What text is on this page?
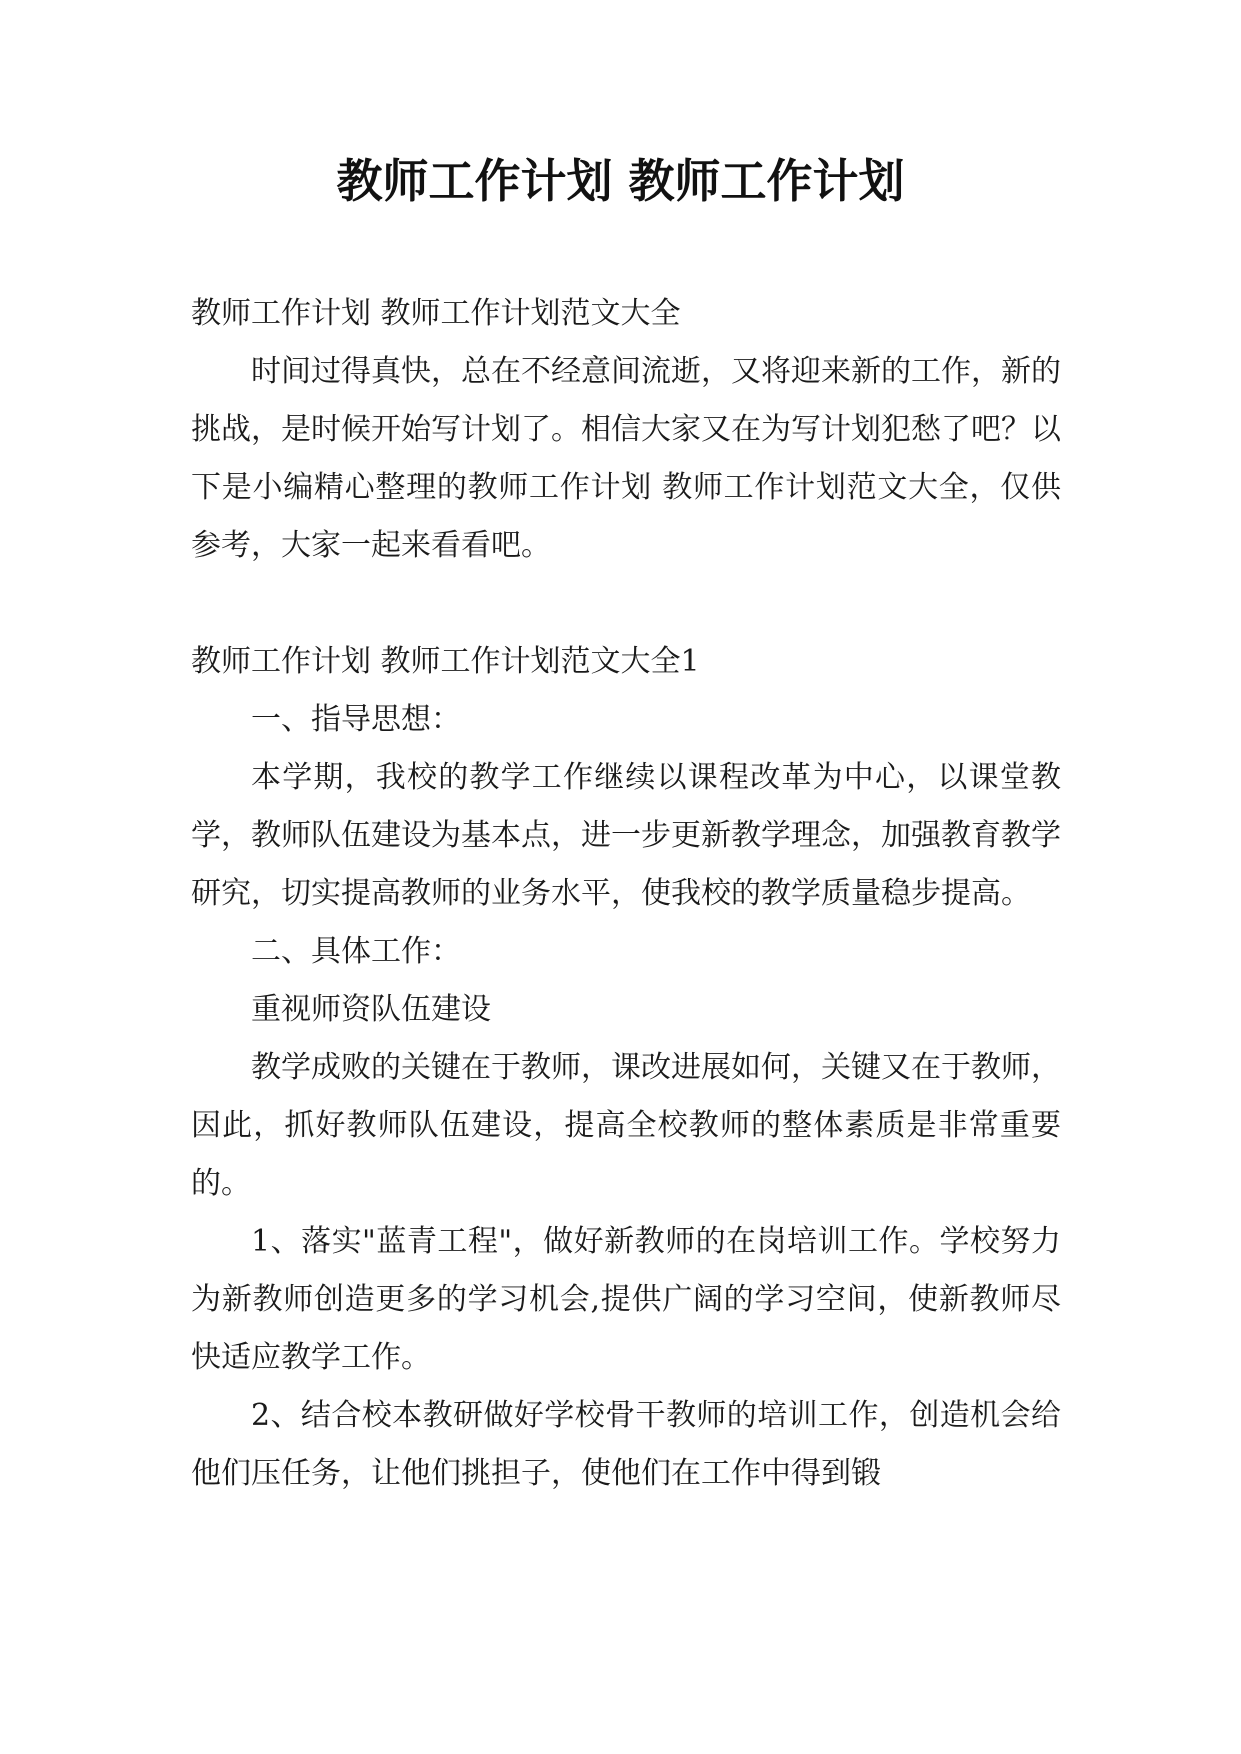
教师工作计划 教师工作计划

教师工作计划 教师工作计划范文大全

时间过得真快，总在不经意间流逝，又将迎来新的工作，新的挑战，是时候开始写计划了。相信大家又在为写计划犯愁了吧？以下是小编精心整理的教师工作计划 教师工作计划范文大全，仅供参考，大家一起来看看吧。

教师工作计划 教师工作计划范文大全1

一、指导思想：

本学期，我校的教学工作继续以课程改革为中心，以课堂教学，教师队伍建设为基本点，进一步更新教学理念，加强教育教学研究，切实提高教师的业务水平，使我校的教学质量稳步提高。

二、具体工作：

重视师资队伍建设

教学成败的关键在于教师，课改进展如何，关键又在于教师，因此，抓好教师队伍建设，提高全校教师的整体素质是非常重要的。

1、落实"蓝青工程"，做好新教师的在岗培训工作。学校努力为新教师创造更多的学习机会,提供广阔的学习空间，使新教师尽快适应教学工作。

2、结合校本教研做好学校骨干教师的培训工作，创造机会给他们压任务，让他们挑担子，使他们在工作中得到锻
